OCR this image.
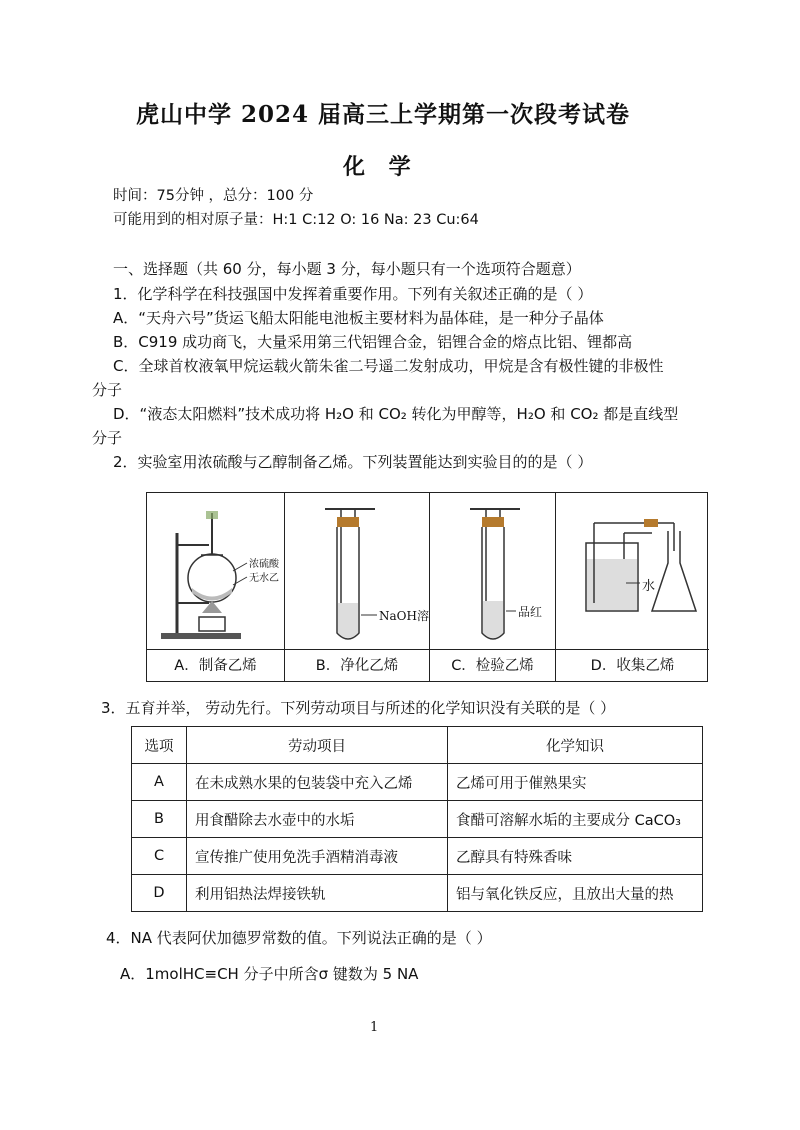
虎山中学 2024 届高三上学期第一次段考试卷
化 学
时间：75分钟 ，总分：100 分
可能用到的相对原子量：H:1 C:12 O: 16 Na: 23 Cu:64
一、选择题（共 60 分，每小题 3 分，每小题只有一个选项符合题意）
1．化学科学在科技强国中发挥着重要作用。下列有关叙述正确的是（ ）
A．“天舟六号”货运飞船太阳能电池板主要材料为晶体硅，是一种分子晶体
B．C919 成功商飞，大量采用第三代铝锂合金，铝锂合金的熔点比铝、锂都高
C．全球首枚液氧甲烷运载火箭朱雀二号遥二发射成功，甲烷是含有极性键的非极性
分子
D．“液态太阳燃料”技术成功将 H₂O 和 CO₂ 转化为甲醇等，H₂O 和 CO₂ 都是直线型
分子
2．实验室用浓硫酸与乙醇制备乙烯。下列装置能达到实验目的的是（ ）
浓硫酸
无水乙
NaOH溶	品红
水
A．制备乙烯	B．净化乙烯	C．检验乙烯	D．收集乙烯
3．五育并举， 劳动先行。下列劳动项目与所述的化学知识没有关联的是（ ）
选项	劳动项目	化学知识
A	在未成熟水果的包装袋中充入乙烯	乙烯可用于催熟果实
B	用食醋除去水壶中的水垢	食醋可溶解水垢的主要成分 CaCO₃
C	宣传推广使用免洗手酒精消毒液	乙醇具有特殊香味
D	利用铝热法焊接铁轨	铝与氧化铁反应，且放出大量的热
4．NA 代表阿伏加德罗常数的值。下列说法正确的是（ ）
A．1molHC≡CH 分子中所含σ 键数为 5 NA
1
